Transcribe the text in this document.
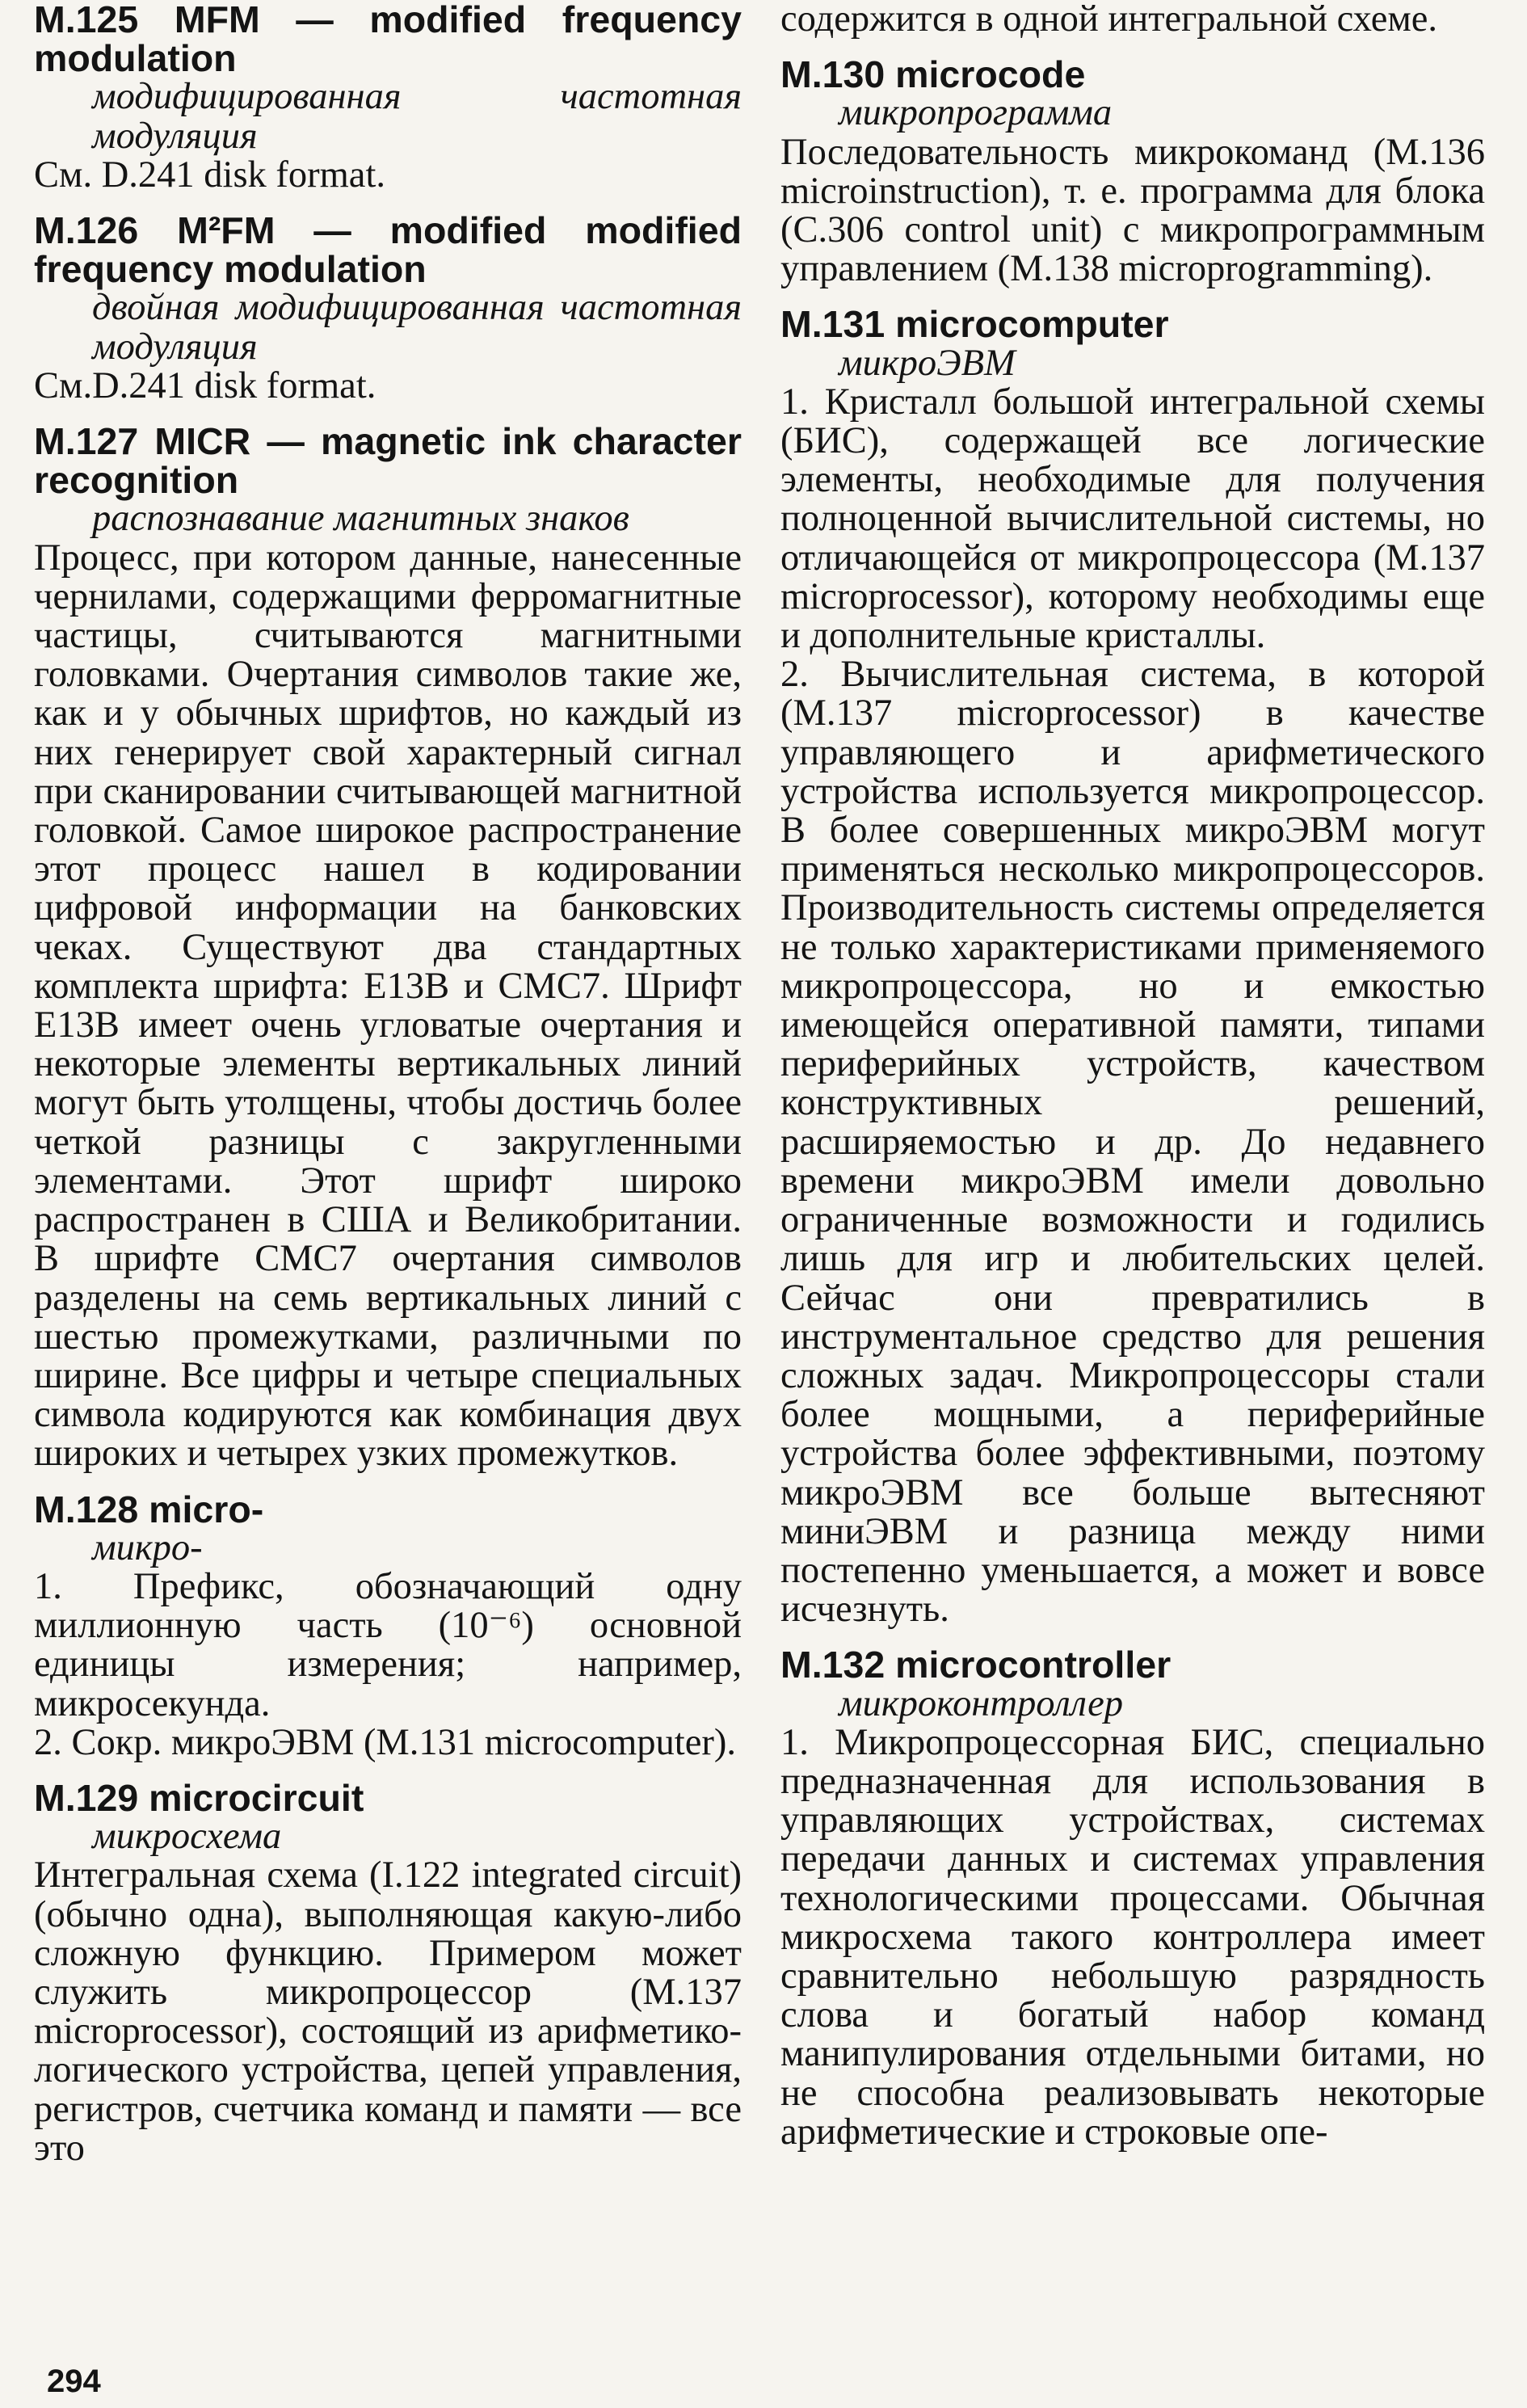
M.125 MFM — modified frequency modulation
модифицированная частотная модуляция
См. D.241 disk format.
M.126 M²FM — modified modified frequency modulation
двойная модифицированная частотная модуляция
См.D.241 disk format.
M.127 MICR — magnetic ink character recognition
распознавание магнитных знаков
Процесс, при котором данные, нанесенные чернилами, содержащими ферромагнитные частицы, считываются магнитными головками. Очертания символов такие же, как и у обычных шрифтов, но каждый из них генерирует свой характерный сигнал при сканировании считывающей магнитной головкой. Самое широкое распространение этот процесс нашел в кодировании цифровой информации на банковских чеках. Существуют два стандартных комплекта шрифта: E13B и CMC7. Шрифт E13B имеет очень угловатые очертания и некоторые элементы вертикальных линий могут быть утолщены, чтобы достичь более четкой разницы с закругленными элементами. Этот шрифт широко распространен в США и Великобритании. В шрифте CMC7 очертания символов разделены на семь вертикальных линий с шестью промежутками, различными по ширине. Все цифры и четыре специальных символа кодируются как комбинация двух широких и четырех узких промежутков.
M.128 micro-
микро-
1. Префикс, обозначающий одну миллионную часть (10⁻⁶) основной единицы измерения; например, микросекунда.
2. Сокр. микроЭВМ (M.131 microcomputer).
M.129 microcircuit
микросхема
Интегральная схема (I.122 integrated circuit) (обычно одна), выполняющая какую-либо сложную функцию. Примером может служить микропроцессор (M.137 micrорrocessor), состоящий из арифметико-логического устройства, цепей управления, регистров, счетчика команд и памяти — все это
содержится в одной интегральной схеме.
M.130 microcode
микропрограмма
Последовательность микрокоманд (M.136 microinstruction), т. е. программа для блока (C.306 control unit) с микропрограммным управлением (M.138 microprogramming).
M.131 microcomputer
микроЭВМ
1. Кристалл большой интегральной схемы (БИС), содержащей все логические элементы, необходимые для получения полноценной вычислительной системы, но отличающейся от микропроцессора (M.137 micrорrocessor), которому необходимы еще и дополнительные кристаллы.
2. Вычислительная система, в которой (M.137 micrорrocessor) в качестве управляющего и арифметического устройства используется микропроцессор. В более совершенных микроЭВМ могут применяться несколько микропроцессоров. Производительность системы определяется не только характеристиками применяемого микропроцессора, но и емкостью имеющейся оперативной памяти, типами периферийных устройств, качеством конструктивных решений, расширяемостью и др. До недавнего времени микроЭВМ имели довольно ограниченные возможности и годились лишь для игр и любительских целей. Сейчас они превратились в инструментальное средство для решения сложных задач. Микропроцессоры стали более мощными, а периферийные устройства более эффективными, поэтому микроЭВМ все больше вытесняют миниЭВМ и разница между ними постепенно уменьшается, а может и вовсе исчезнуть.
M.132 microcontroller
микроконтроллер
1. Микропроцессорная БИС, специально предназначенная для использования в управляющих устройствах, системах передачи данных и системах управления технологическими процессами. Обычная микросхема такого контроллера имеет сравнительно небольшую разрядность слова и богатый набор команд манипулирования отдельными битами, но не способна реализовывать некоторые арифметические и строковые опе-
294
